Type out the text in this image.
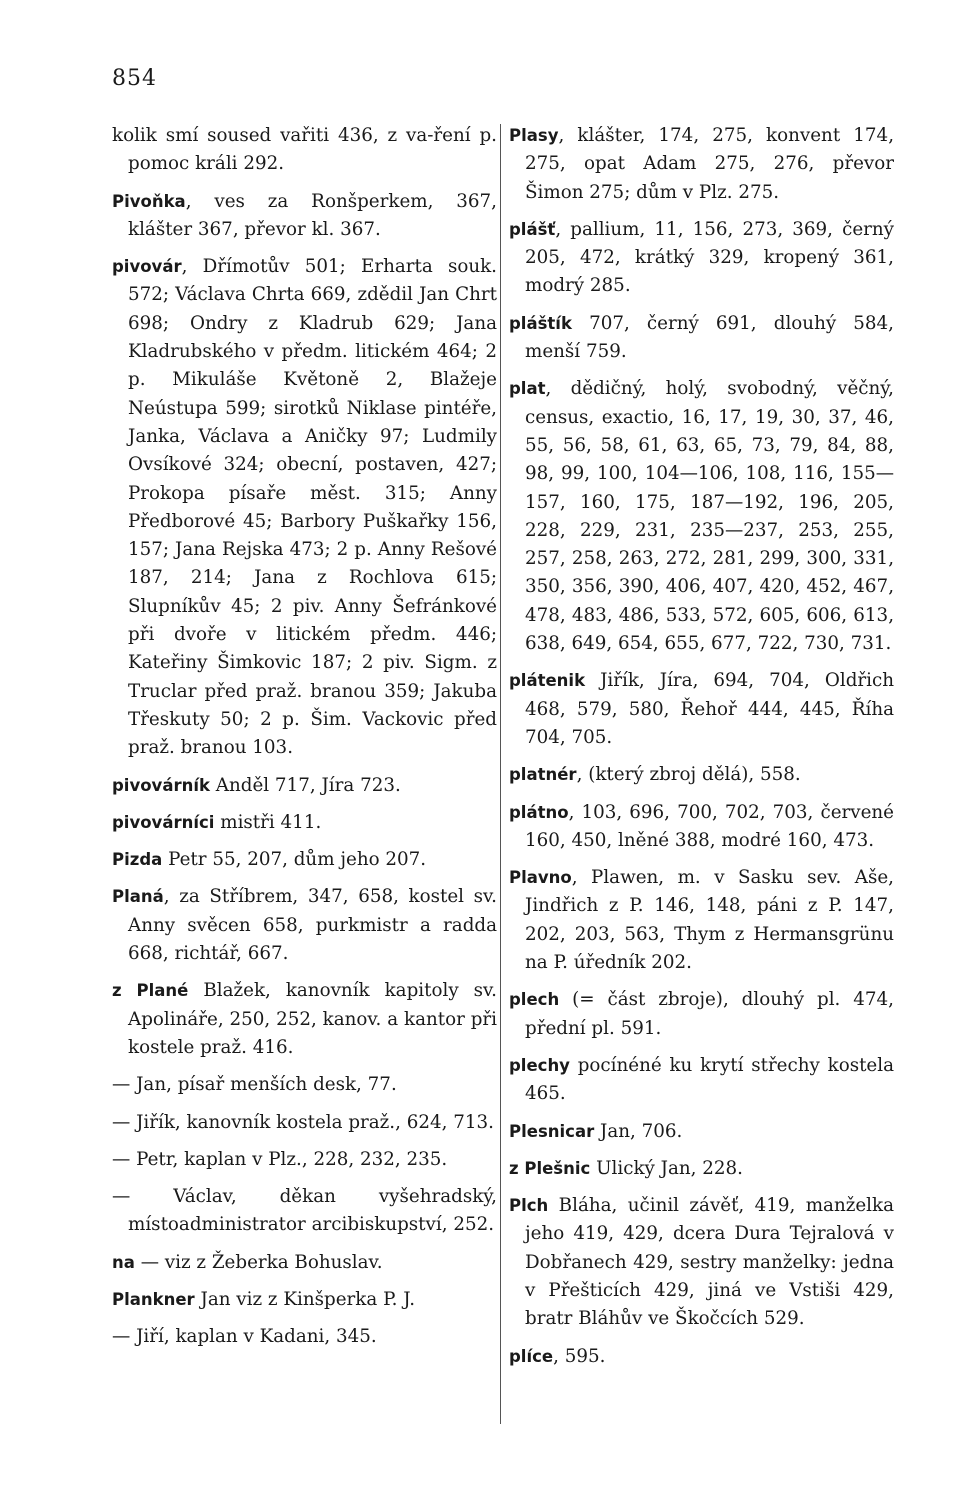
854

kolik smí soused vařiti 436, z va-ření p. pomoc králi 292.

Pivoňka, ves za Ronšperkem, 367, klášter 367, převor kl. 367.

pivovár, Dřímotův 501; Erharta souk. 572; Václava Chrta 669, zdědil Jan Chrt 698; Ondry z Kladrub 629; Jana Kladrubského v předm. litickém 464; 2 p. Mikuláše Květoně 2, Blažeje Neústupa 599; sirotků Niklase pintéře, Janka, Václava a Aničky 97; Ludmily Ovsíkové 324; obecní, postaven, 427; Prokopa písaře měst. 315; Anny Předborové 45; Barbory Puškařky 156, 157; Jana Rejska 473; 2 p. Anny Rešové 187, 214; Jana z Rochlova 615; Slupníkův 45; 2 piv. Anny Šefránkové při dvoře v litickém předm. 446; Kateřiny Šimkovic 187; 2 piv. Sigm. z Truclar před praž. branou 359; Jakuba Třeskuty 50; 2 p. Šim. Vackovic před praž. branou 103.

pivovárník Anděl 717, Jíra 723.

pivovárníci mistři 411.

Pizda Petr 55, 207, dům jeho 207.

Planá, za Stříbrem, 347, 658, kostel sv. Anny svěcen 658, purkmistr a radda 668, richtář, 667.

z Plané Blažek, kanovník kapitoly sv. Apolináře, 250, 252, kanov. a kantor při kostele praž. 416.

— Jan, písař menších desk, 77.

— Jiřík, kanovník kostela praž., 624, 713.

— Petr, kaplan v Plz., 228, 232, 235.

— Václav, děkan vyšehradský, místoadministrator arcibiskupství, 252.

na — viz z Žeberka Bohuslav.

Plankner Jan viz z Kinšperka P. J.

— Jiří, kaplan v Kadani, 345.

Plasy, klášter, 174, 275, konvent 174, 275, opat Adam 275, 276, převor Šimon 275; dům v Plz. 275.

plášť, pallium, 11, 156, 273, 369, černý 205, 472, krátký 329, kropený 361, modrý 285.

pláštík 707, černý 691, dlouhý 584, menší 759.

plat, dědičný, holý, svobodný, věčný, census, exactio, 16, 17, 19, 30, 37, 46, 55, 56, 58, 61, 63, 65, 73, 79, 84, 88, 98, 99, 100, 104—106, 108, 116, 155—157, 160, 175, 187—192, 196, 205, 228, 229, 231, 235—237, 253, 255, 257, 258, 263, 272, 281, 299, 300, 331, 350, 356, 390, 406, 407, 420, 452, 467, 478, 483, 486, 533, 572, 605, 606, 613, 638, 649, 654, 655, 677, 722, 730, 731.

plátenik Jiřík, Jíra, 694, 704, Oldřich 468, 579, 580, Řehoř 444, 445, Říha 704, 705.

platnér, (který zbroj dělá), 558.

plátno, 103, 696, 700, 702, 703, červené 160, 450, lněné 388, modré 160, 473.

Plavno, Plawen, m. v Sasku sev. Aše, Jindřich z P. 146, 148, páni z P. 147, 202, 203, 563, Thym z Hermansgrünu na P. úředník 202.

plech (= část zbroje), dlouhý pl. 474, přední pl. 591.

plechy pocínéné ku krytí střechy kostela 465.

Plesnicar Jan, 706.

z Plešnic Ulický Jan, 228.

Plch Bláha, učinil závěť, 419, manželka jeho 419, 429, dcera Dura Tejralová v Dobřanech 429, sestry manželky: jedna v Přešticích 429, jiná ve Vstiši 429, bratr Bláhův ve Škočcích 529.

plíce, 595.
